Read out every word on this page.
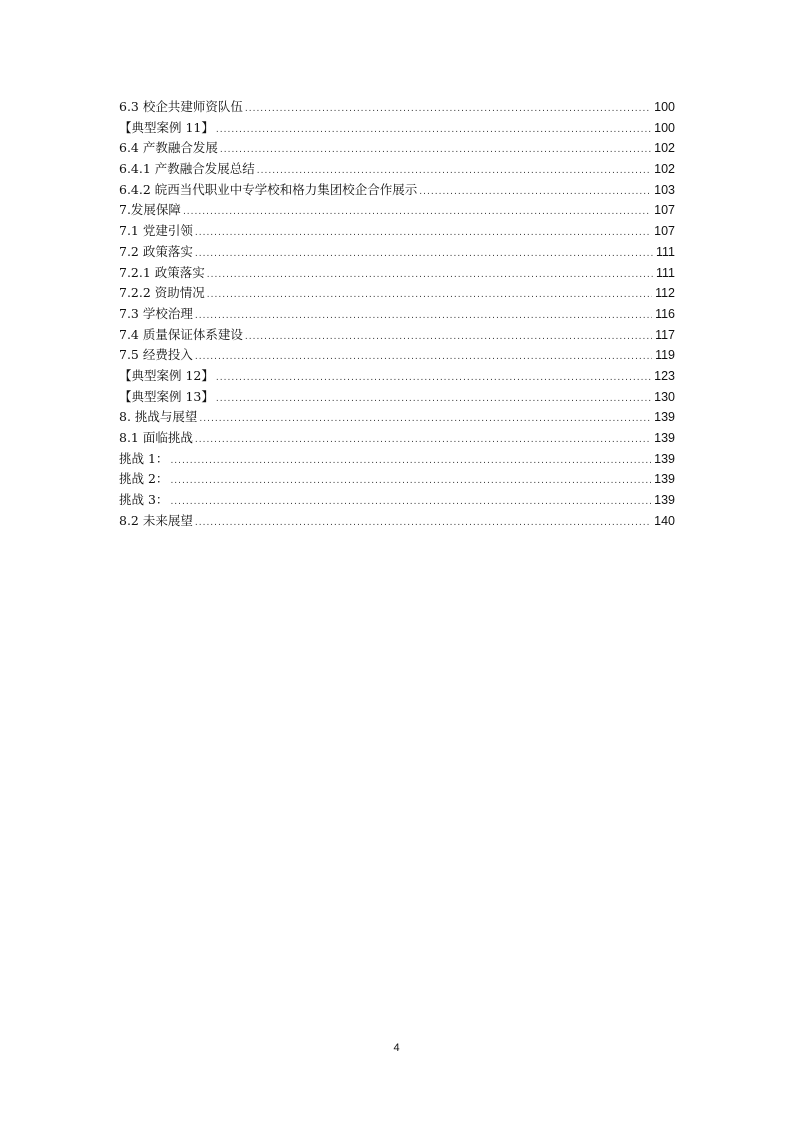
6.3 校企共建师资队伍 .....	100
【典型案例 11】 .....	100
6.4 产教融合发展 .....	102
6.4.1 产教融合发展总结 .....	102
6.4.2 皖西当代职业中专学校和格力集团校企合作展示 .....	103
7.发展保障 .....	107
7.1 党建引领 .....	107
7.2 政策落实 .....	111
7.2.1 政策落实 .....	111
7.2.2 资助情况 .....	112
7.3 学校治理 .....	116
7.4 质量保证体系建设 .....	117
7.5 经费投入 .....	119
【典型案例 12】 .....	123
【典型案例 13】 .....	130
8. 挑战与展望 .....	139
8.1 面临挑战 .....	139
挑战 1： .....	139
挑战 2： .....	139
挑战 3： .....	139
8.2 未来展望 .....	140
4
